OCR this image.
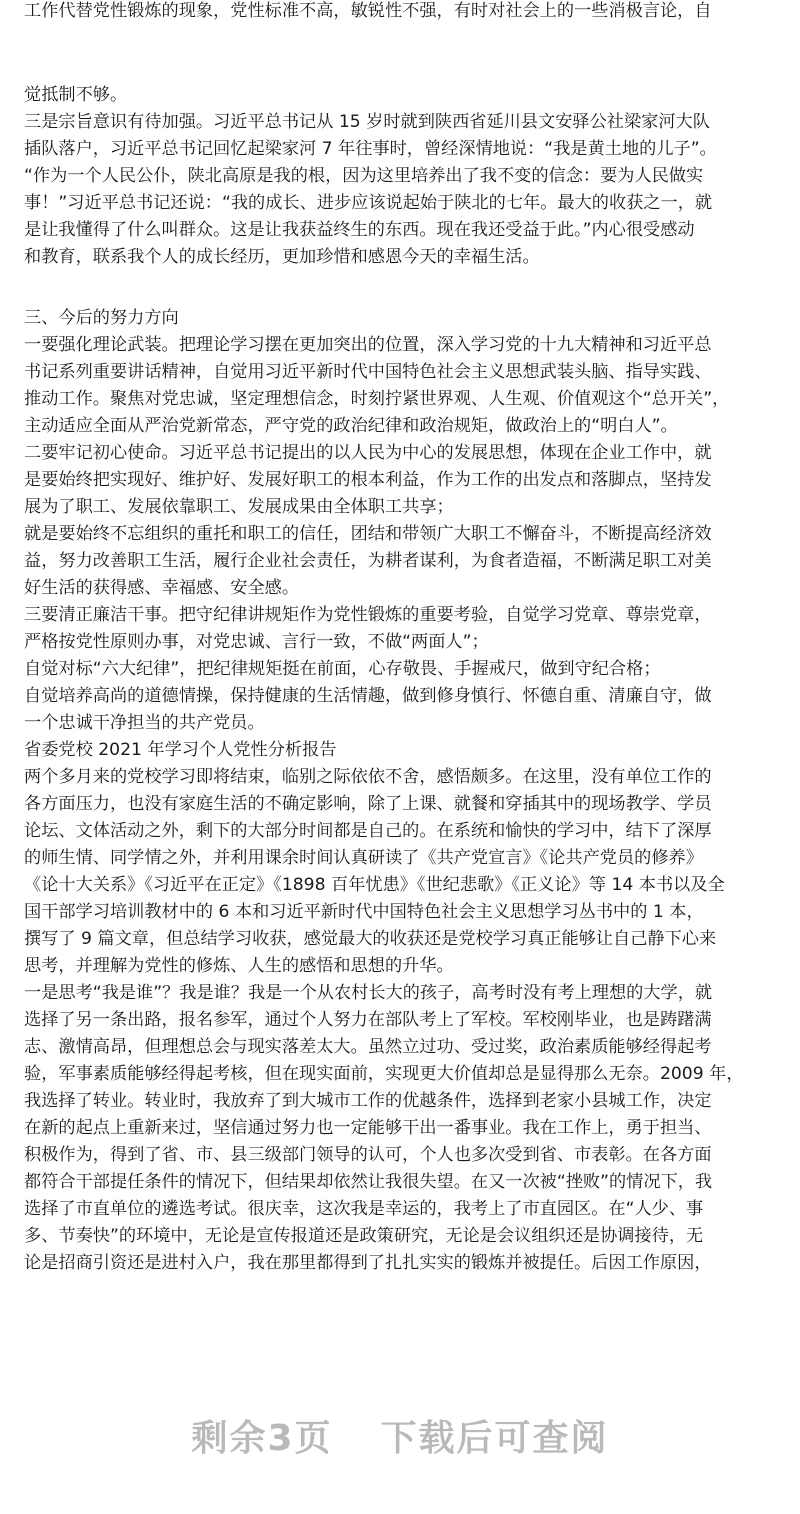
工作代替党性锻炼的现象，党性标准不高，敏锐性不强，有时对社会上的一些消极言论，自
觉抵制不够。
三是宗旨意识有待加强。习近平总书记从 15 岁时就到陕西省延川县文安驿公社梁家河大队
插队落户，习近平总书记回忆起梁家河 7 年往事时，曾经深情地说：“我是黄土地的儿子”。
“作为一个人民公仆，陕北高原是我的根，因为这里培养出了我不变的信念：要为人民做实
事！”习近平总书记还说：“我的成长、进步应该说起始于陕北的七年。最大的收获之一，就
是让我懂得了什么叫群众。这是让我获益终生的东西。现在我还受益于此。”内心很受感动
和教育，联系我个人的成长经历，更加珍惜和感恩今天的幸福生活。
三、今后的努力方向
一要强化理论武装。把理论学习摆在更加突出的位置，深入学习党的十九大精神和习近平总
书记系列重要讲话精神，自觉用习近平新时代中国特色社会主义思想武装头脑、指导实践、
推动工作。聚焦对党忠诚，坚定理想信念，时刻拧紧世界观、人生观、价值观这个“总开关”，
主动适应全面从严治党新常态，严守党的政治纪律和政治规矩，做政治上的“明白人”。
二要牢记初心使命。习近平总书记提出的以人民为中心的发展思想，体现在企业工作中，就
是要始终把实现好、维护好、发展好职工的根本利益，作为工作的出发点和落脚点，坚持发
展为了职工、发展依靠职工、发展成果由全体职工共享；
就是要始终不忘组织的重托和职工的信任，团结和带领广大职工不懈奋斗，不断提高经济效
益，努力改善职工生活，履行企业社会责任，为耕者谋利，为食者造福，不断满足职工对美
好生活的获得感、幸福感、安全感。
三要清正廉洁干事。把守纪律讲规矩作为党性锻炼的重要考验，自觉学习党章、尊崇党章，
严格按党性原则办事，对党忠诚、言行一致，不做“两面人”；
自觉对标“六大纪律”，把纪律规矩挺在前面，心存敬畏、手握戒尺，做到守纪合格；
自觉培养高尚的道德情操，保持健康的生活情趣，做到修身慎行、怀德自重、清廉自守，做
一个忠诚干净担当的共产党员。
省委党校 2021 年学习个人党性分析报告
两个多月来的党校学习即将结束，临别之际依依不舍，感悟颇多。在这里，没有单位工作的
各方面压力，也没有家庭生活的不确定影响，除了上课、就餐和穿插其中的现场教学、学员
论坛、文体活动之外，剩下的大部分时间都是自己的。在系统和愉快的学习中，结下了深厚
的师生情、同学情之外，并利用课余时间认真研读了《共产党宣言》《论共产党员的修养》
《论十大关系》《习近平在正定》《1898 百年忧患》《世纪悲歌》《正义论》等 14 本书以及全
国干部学习培训教材中的 6 本和习近平新时代中国特色社会主义思想学习丛书中的 1 本，
撰写了 9 篇文章，但总结学习收获，感觉最大的收获还是党校学习真正能够让自己静下心来
思考，并理解为党性的修炼、人生的感悟和思想的升华。
一是思考“我是谁”？我是谁？我是一个从农村长大的孩子，高考时没有考上理想的大学，就
选择了另一条出路，报名参军，通过个人努力在部队考上了军校。军校刚毕业，也是踌躇满
志、激情高昂，但理想总会与现实落差太大。虽然立过功、受过奖，政治素质能够经得起考
验，军事素质能够经得起考核，但在现实面前，实现更大价值却总是显得那么无奈。2009 年，
我选择了转业。转业时，我放弃了到大城市工作的优越条件，选择到老家小县城工作，决定
在新的起点上重新来过，坚信通过努力也一定能够干出一番事业。我在工作上，勇于担当、
积极作为，得到了省、市、县三级部门领导的认可，个人也多次受到省、市表彰。在各方面
都符合干部提任条件的情况下，但结果却依然让我很失望。在又一次被“挫败”的情况下，我
选择了市直单位的遴选考试。很庆幸，这次我是幸运的，我考上了市直园区。在“人少、事
多、节奏快”的环境中，无论是宣传报道还是政策研究，无论是会议组织还是协调接待，无
论是招商引资还是进村入户，我在那里都得到了扎扎实实的锻炼并被提任。后因工作原因，
剩余3页 下载后可查阅
